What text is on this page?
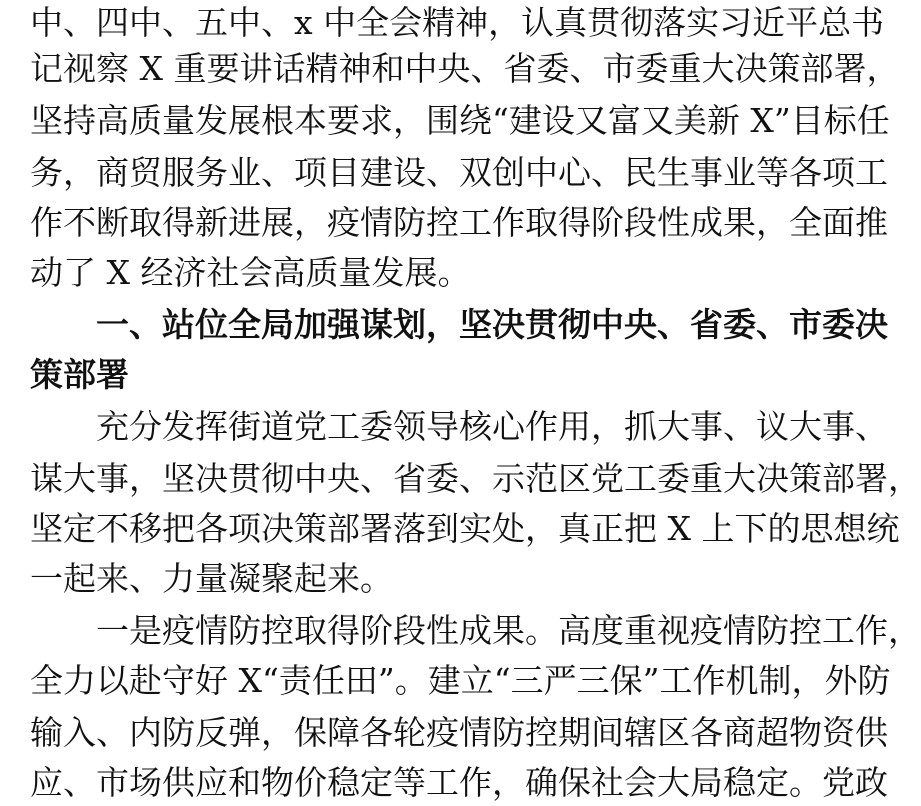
中、四中、五中、x 中全会精神，认真贯彻落实习近平总书
记视察 X 重要讲话精神和中央、省委、市委重大决策部署，
坚持高质量发展根本要求，围绕“建设又富又美新 X”目标任
务，商贸服务业、项目建设、双创中心、民生事业等各项工
作不断取得新进展，疫情防控工作取得阶段性成果，全面推
动了 X 经济社会高质量发展。
一、站位全局加强谋划，坚决贯彻中央、省委、市委决
策部署
充分发挥街道党工委领导核心作用，抓大事、议大事、
谋大事，坚决贯彻中央、省委、示范区党工委重大决策部署，
坚定不移把各项决策部署落到实处，真正把 X 上下的思想统
一起来、力量凝聚起来。
一是疫情防控取得阶段性成果。高度重视疫情防控工作，
全力以赴守好 X“责任田”。建立“三严三保”工作机制，外防
输入、内防反弹，保障各轮疫情防控期间辖区各商超物资供
应、市场供应和物价稳定等工作，确保社会大局稳定。党政
